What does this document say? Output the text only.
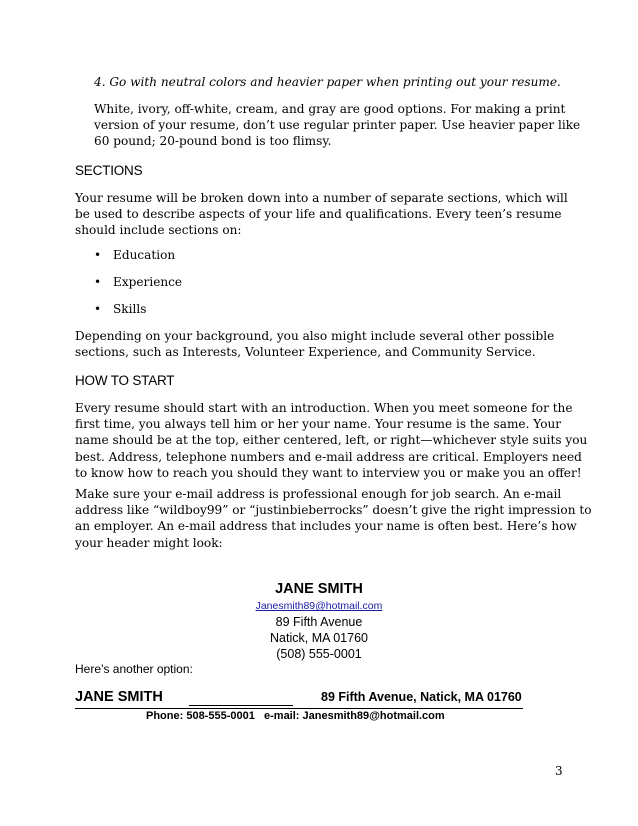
4. Go with neutral colors and heavier paper when printing out your resume.
White, ivory, off-white, cream, and gray are good options. For making a print
version of your resume, don’t use regular printer paper. Use heavier paper like
60 pound; 20-pound bond is too flimsy.
SECTIONS
Your resume will be broken down into a number of separate sections, which will
be used to describe aspects of your life and qualifications. Every teen’s resume
should include sections on:
• Education
• Experience
• Skills
Depending on your background, you also might include several other possible
sections, such as Interests, Volunteer Experience, and Community Service.
HOW TO START
Every resume should start with an introduction. When you meet someone for the
first time, you always tell him or her your name. Your resume is the same. Your
name should be at the top, either centered, left, or right—whichever style suits you
best. Address, telephone numbers and e-mail address are critical. Employers need
to know how to reach you should they want to interview you or make you an offer!
Make sure your e-mail address is professional enough for job search. An e-mail
address like “wildboy99” or “justinbieberrocks” doesn’t give the right impression to
an employer. An e-mail address that includes your name is often best. Here’s how
your header might look:
JANE SMITH
Janesmith89@hotmail.com
89 Fifth Avenue
Natick, MA 01760
(508) 555-0001
Here’s another option:
JANE SMITH	89 Fifth Avenue, Natick, MA 01760
Phone: 508-555-0001   e-mail: Janesmith89@hotmail.com
3
